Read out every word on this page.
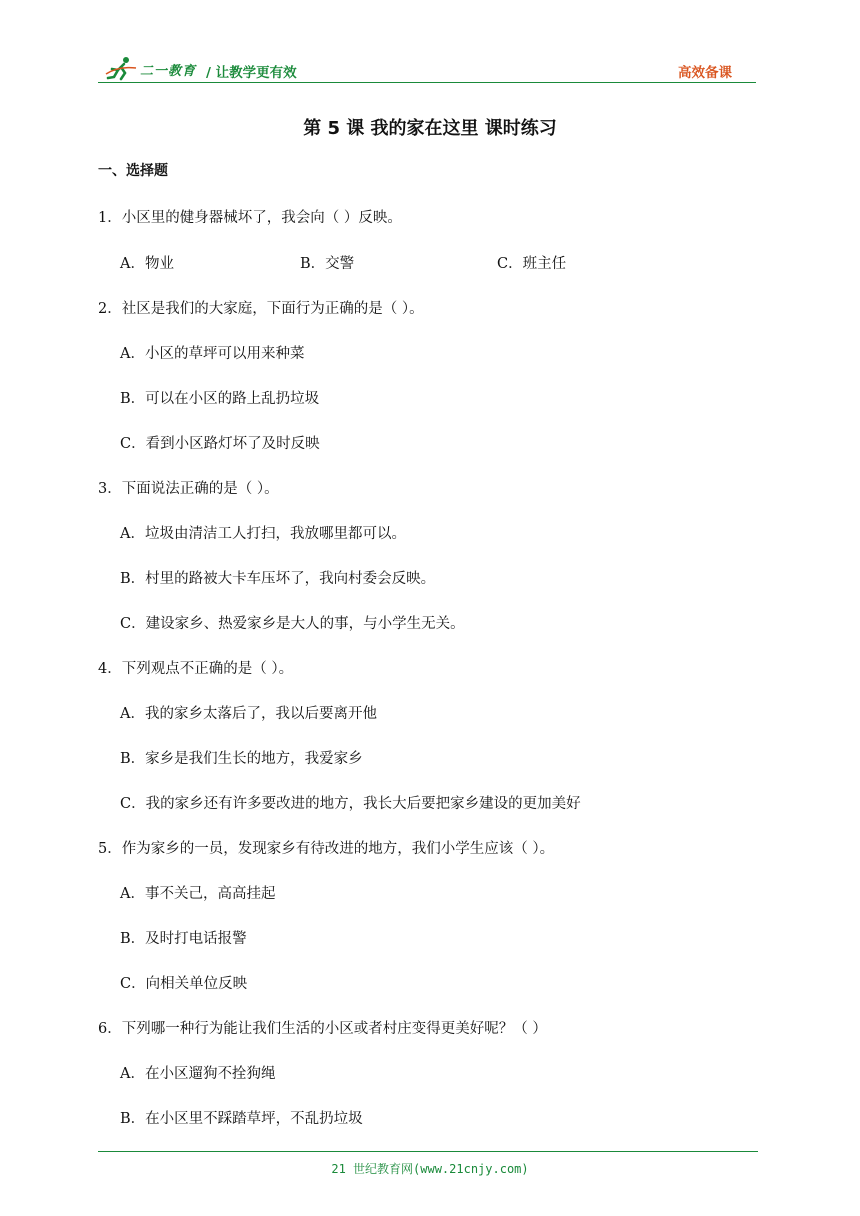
二一教育 / 让教学更有效	高效备课
第 5 课 我的家在这里 课时练习
一、选择题
1．小区里的健身器械坏了，我会向（ ）反映。
A．物业	B．交警	C．班主任
2．社区是我们的大家庭，下面行为正确的是（ ）。
A．小区的草坪可以用来种菜
B．可以在小区的路上乱扔垃圾
C．看到小区路灯坏了及时反映
3．下面说法正确的是（ ）。
A．垃圾由清洁工人打扫，我放哪里都可以。
B．村里的路被大卡车压坏了，我向村委会反映。
C．建设家乡、热爱家乡是大人的事，与小学生无关。
4．下列观点不正确的是（ ）。
A．我的家乡太落后了，我以后要离开他
B．家乡是我们生长的地方，我爱家乡
C．我的家乡还有许多要改进的地方，我长大后要把家乡建设的更加美好
5．作为家乡的一员，发现家乡有待改进的地方，我们小学生应该（ ）。
A．事不关己，高高挂起
B．及时打电话报警
C．向相关单位反映
6．下列哪一种行为能让我们生活的小区或者村庄变得更美好呢？（ ）
A．在小区遛狗不拴狗绳
B．在小区里不踩踏草坪，不乱扔垃圾
21 世纪教育网(www.21cnjy.com)
